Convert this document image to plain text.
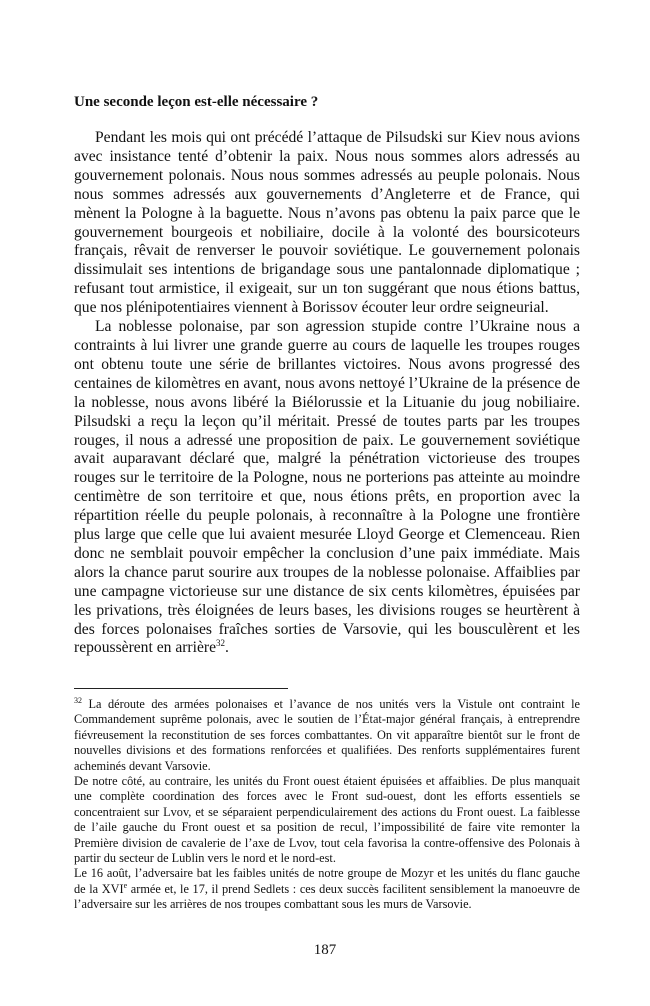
Une seconde leçon est-elle nécessaire ?

Pendant les mois qui ont précédé l’attaque de Pilsudski sur Kiev nous avions avec insistance tenté d’obtenir la paix. Nous nous sommes alors adressés au gouvernement polonais. Nous nous sommes adressés au peuple polonais. Nous nous sommes adressés aux gouvernements d’Angleterre et de France, qui mènent la Pologne à la baguette. Nous n’avons pas obtenu la paix parce que le gouvernement bourgeois et nobiliaire, docile à la volonté des boursicoteurs français, rêvait de renverser le pouvoir soviétique. Le gouvernement polonais dissimulait ses intentions de brigandage sous une pantalonnade diplomatique ; refusant tout armistice, il exigeait, sur un ton suggérant que nous étions battus, que nos plénipotentiaires viennent à Borissov écouter leur ordre seigneurial.

La noblesse polonaise, par son agression stupide contre l’Ukraine nous a contraints à lui livrer une grande guerre au cours de laquelle les troupes rouges ont obtenu toute une série de brillantes victoires. Nous avons progressé des centaines de kilomètres en avant, nous avons nettoyé l’Ukraine de la présence de la noblesse, nous avons libéré la Biélorussie et la Lituanie du joug nobiliaire. Pilsudski a reçu la leçon qu’il méritait. Pressé de toutes parts par les troupes rouges, il nous a adressé une proposition de paix. Le gouvernement soviétique avait auparavant déclaré que, malgré la pénétration victorieuse des troupes rouges sur le territoire de la Pologne, nous ne porterions pas atteinte au moindre centimètre de son territoire et que, nous étions prêts, en proportion avec la répartition réelle du peuple polonais, à reconnaître à la Pologne une frontière plus large que celle que lui avaient mesurée Lloyd George et Clemenceau. Rien donc ne semblait pouvoir empêcher la conclusion d’une paix immédiate. Mais alors la chance parut sourire aux troupes de la noblesse polonaise. Affaiblies par une campagne victorieuse sur une distance de six cents kilomètres, épuisées par les privations, très éloignées de leurs bases, les divisions rouges se heurtèrent à des forces polonaises fraîches sorties de Varsovie, qui les bousculèrent et les repoussèrent en arrière$^{32}$.

$^{32}$ La déroute des armées polonaises et l’avance de nos unités vers la Vistule ont contraint le Commandement suprême polonais, avec le soutien de l’État-major général français, à entreprendre fiévreusement la reconstitution de ses forces combattantes. On vit apparaître bientôt sur le front de nouvelles divisions et des formations renforcées et qualifiées. Des renforts supplémentaires furent acheminés devant Varsovie.

De notre côté, au contraire, les unités du Front ouest étaient épuisées et affaiblies. De plus manquait une complète coordination des forces avec le Front sud-ouest, dont les efforts essentiels se concentraient sur Lvov, et se séparaient perpendiculairement des actions du Front ouest. La faiblesse de l’aile gauche du Front ouest et sa position de recul, l’impossibilité de faire vite remonter la Première division de cavalerie de l’axe de Lvov, tout cela favorisa la contre-offensive des Polonais à partir du secteur de Lublin vers le nord et le nord-est.

Le 16 août, l’adversaire bat les faibles unités de notre groupe de Mozyr et les unités du flanc gauche de la XVIe armée et, le 17, il prend Sedlets : ces deux succès facilitent sensiblement la manoeuvre de l’adversaire sur les arrières de nos troupes combattant sous les murs de Varsovie.

187
